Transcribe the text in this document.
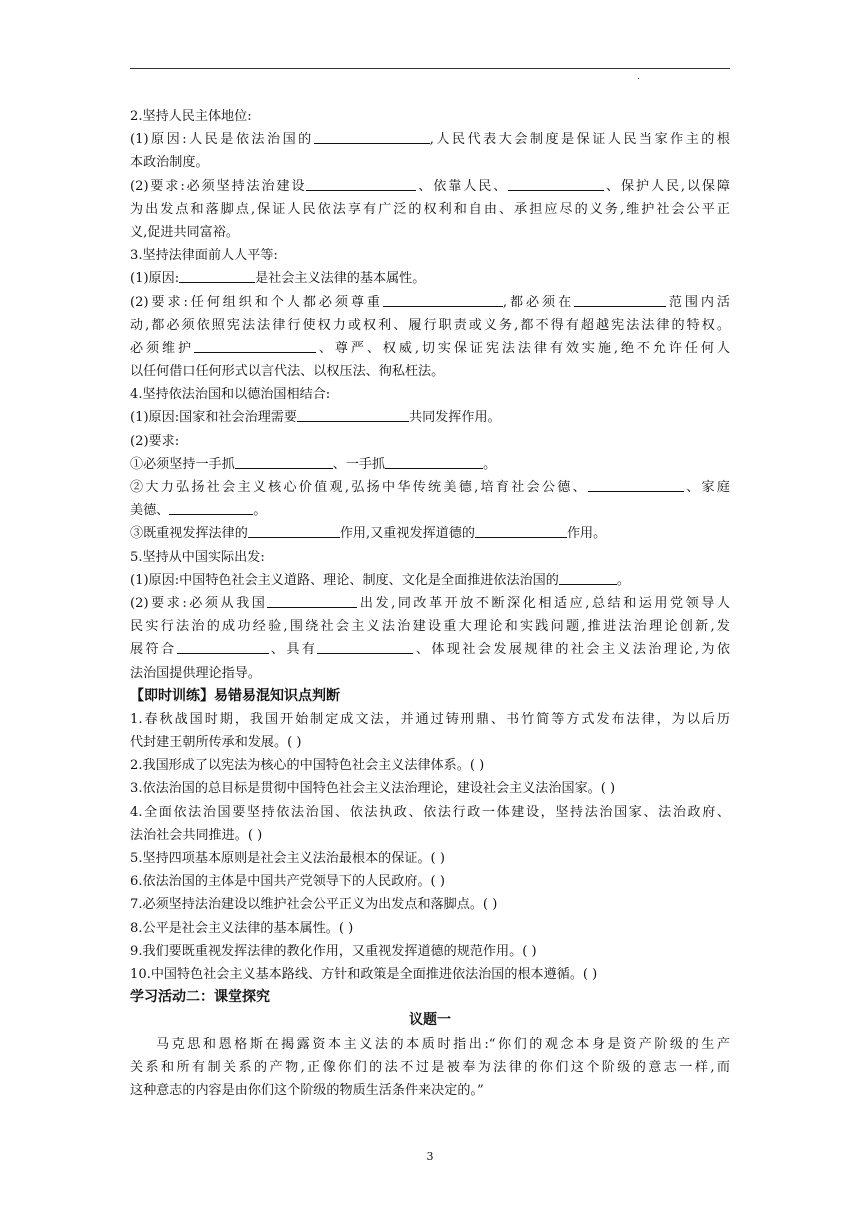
.
2.坚持人民主体地位:
(1)原因:人民是依法治国的	,人民代表大会制度是保证人民当家作主的根
本政治制度。
(2)要求:必须坚持法治建设	、依靠人民、	、保护人民,以保障
为出发点和落脚点,保证人民依法享有广泛的权利和自由、承担应尽的义务,维护社会公平正
义,促进共同富裕。
3.坚持法律面前人人平等:
(1)原因:	是社会主义法律的基本属性。
(2)要求:任何组织和个人都必须尊重	,都必须在	范围内活
动,都必须依照宪法法律行使权力或权利、履行职责或义务,都不得有超越宪法法律的特权。
必须维护	、尊严、权威,切实保证宪法法律有效实施,绝不允许任何人
以任何借口任何形式以言代法、以权压法、徇私枉法。
4.坚持依法治国和以德治国相结合:
(1)原因:国家和社会治理需要	共同发挥作用。
(2)要求:
①必须坚持一手抓	、一手抓	。
②大力弘扬社会主义核心价值观,弘扬中华传统美德,培育社会公德、	、家庭
美德、	。
③既重视发挥法律的	作用,又重视发挥道德的	作用。
5.坚持从中国实际出发:
(1)原因:中国特色社会主义道路、理论、制度、文化是全面推进依法治国的	。
(2)要求:必须从我国	出发,同改革开放不断深化相适应,总结和运用党领导人
民实行法治的成功经验,围绕社会主义法治建设重大理论和实践问题,推进法治理论创新,发
展符合	、具有	、体现社会发展规律的社会主义法治理论,为依
法治国提供理论指导。
【即时训练】易错易混知识点判断
1.春秋战国时期，我国开始制定成文法，并通过铸刑鼎、书竹简等方式发布法律，为以后历
代封建王朝所传承和发展。( )
2.我国形成了以宪法为核心的中国特色社会主义法律体系。( )
3.依法治国的总目标是贯彻中国特色社会主义法治理论，建设社会主义法治国家。( )
4.全面依法治国要坚持依法治国、依法执政、依法行政一体建设，坚持法治国家、法治政府、
法治社会共同推进。( )
5.坚持四项基本原则是社会主义法治最根本的保证。( )
6.依法治国的主体是中国共产党领导下的人民政府。( )
7.必须坚持法治建设以维护社会公平正义为出发点和落脚点。( )
8.公平是社会主义法律的基本属性。( )
9.我们要既重视发挥法律的教化作用，又重视发挥道德的规范作用。( )
10.中国特色社会主义基本路线、方针和政策是全面推进依法治国的根本遵循。( )
学习活动二：课堂探究
议题一
马克思和恩格斯在揭露资本主义法的本质时指出:“你们的观念本身是资产阶级的生产
关系和所有制关系的产物,正像你们的法不过是被奉为法律的你们这个阶级的意志一样,而
这种意志的内容是由你们这个阶级的物质生活条件来决定的。”
3
